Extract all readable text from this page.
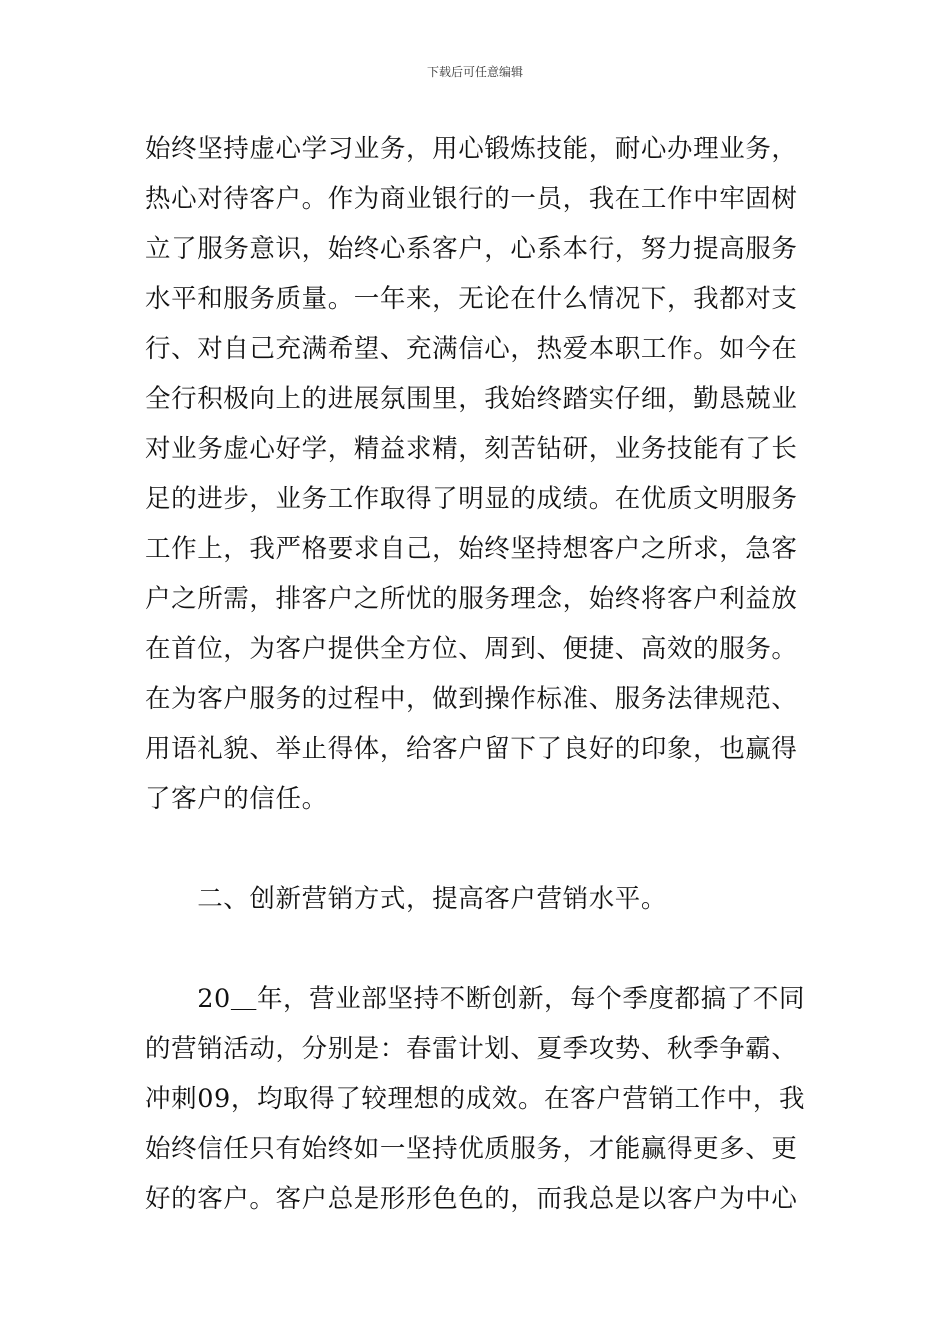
下载后可任意编辑
始终坚持虚心学习业务，用心锻炼技能，耐心办理业务，
热心对待客户。作为商业银行的一员，我在工作中牢固树
立了服务意识，始终心系客户，心系本行，努力提高服务
水平和服务质量。一年来，无论在什么情况下，我都对支
行、对自己充满希望、充满信心，热爱本职工作。如今在
全行积极向上的进展氛围里，我始终踏实仔细，勤恳兢业
对业务虚心好学，精益求精，刻苦钻研，业务技能有了长
足的进步，业务工作取得了明显的成绩。在优质文明服务
工作上，我严格要求自己，始终坚持想客户之所求，急客
户之所需，排客户之所忧的服务理念，始终将客户利益放
在首位，为客户提供全方位、周到、便捷、高效的服务。
在为客户服务的过程中，做到操作标准、服务法律规范、
用语礼貌、举止得体，给客户留下了良好的印象，也赢得
了客户的信任。
　　二、创新营销方式，提高客户营销水平。
　　20＿年，营业部坚持不断创新，每个季度都搞了不同
的营销活动，分别是：春雷计划、夏季攻势、秋季争霸、
冲刺09，均取得了较理想的成效。在客户营销工作中，我
始终信任只有始终如一坚持优质服务，才能赢得更多、更
好的客户。客户总是形形色色的，而我总是以客户为中心
